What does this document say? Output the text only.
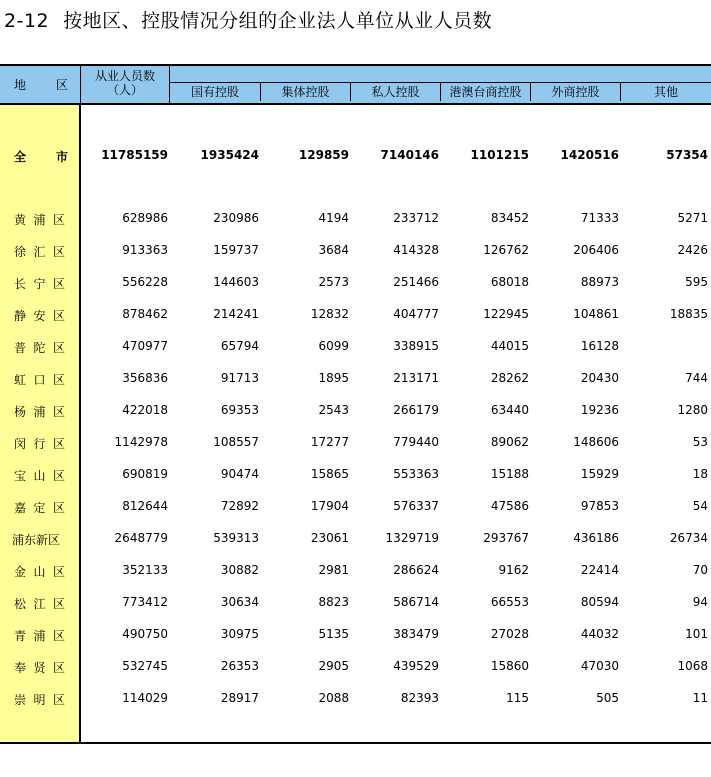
2-12 按地区、控股情况分组的企业法人单位从业人员数
地 区
从业人员数（人）	国有控股	集体控股	私人控股	港澳台商控股	外商控股	其他
全市 11785159	1935424	129859	7140146	1101215	1420516	57354
黄浦区	628986	230986	4194	233712	83452	71333	5271
徐汇区	913363	159737	3684	414328	126762	206406	2426
长宁区	556228	144603	2573	251466	68018	88973	595
静安区	878462	214241	12832	404777	122945	104861	18835
普陀区	470977	65794	6099	338915	44015	16128
虹口区	356836	91713	1895	213171	28262	20430	744
杨浦区	422018	69353	2543	266179	63440	19236	1280
闵行区	1142978	108557	17277	779440	89062	148606	53
宝山区	690819	90474	15865	553363	15188	15929	18
嘉定区	812644	72892	17904	576337	47586	97853	54
浦东新区	2648779	539313	23061	1329719	293767	436186	26734
金山区	352133	30882	2981	286624	9162	22414	70
松江区	773412	30634	8823	586714	66553	80594	94
青浦区	490750	30975	5135	383479	27028	44032	101
奉贤区	532745	26353	2905	439529	15860	47030	1068
崇明区	114029	28917	2088	82393	115	505	11
